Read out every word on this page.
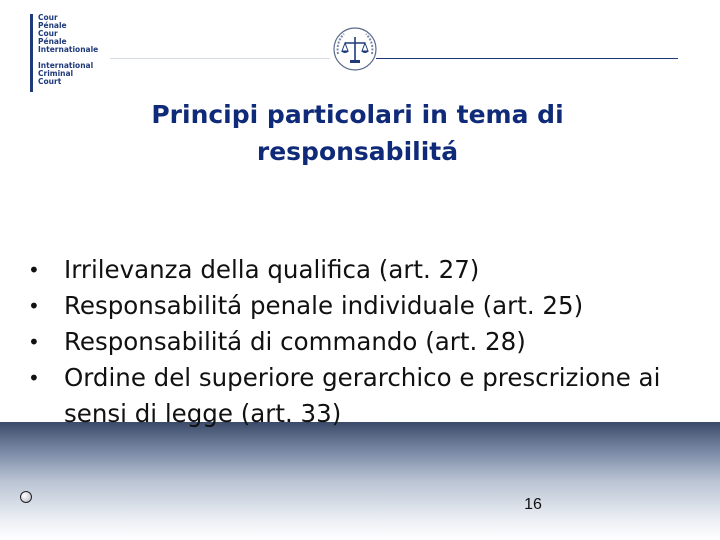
Cour
Pénale
Cour
Pénale
Internationale
International
Criminal
Court
Principi particolari in tema di responsabilitá
• Irrilevanza della qualifica (art. 27)
• Responsabilitá penale individuale (art. 25)
• Responsabilitá di commando (art. 28)
• Ordine del superiore gerarchico e prescrizione ai sensi di legge (art. 33)
16
